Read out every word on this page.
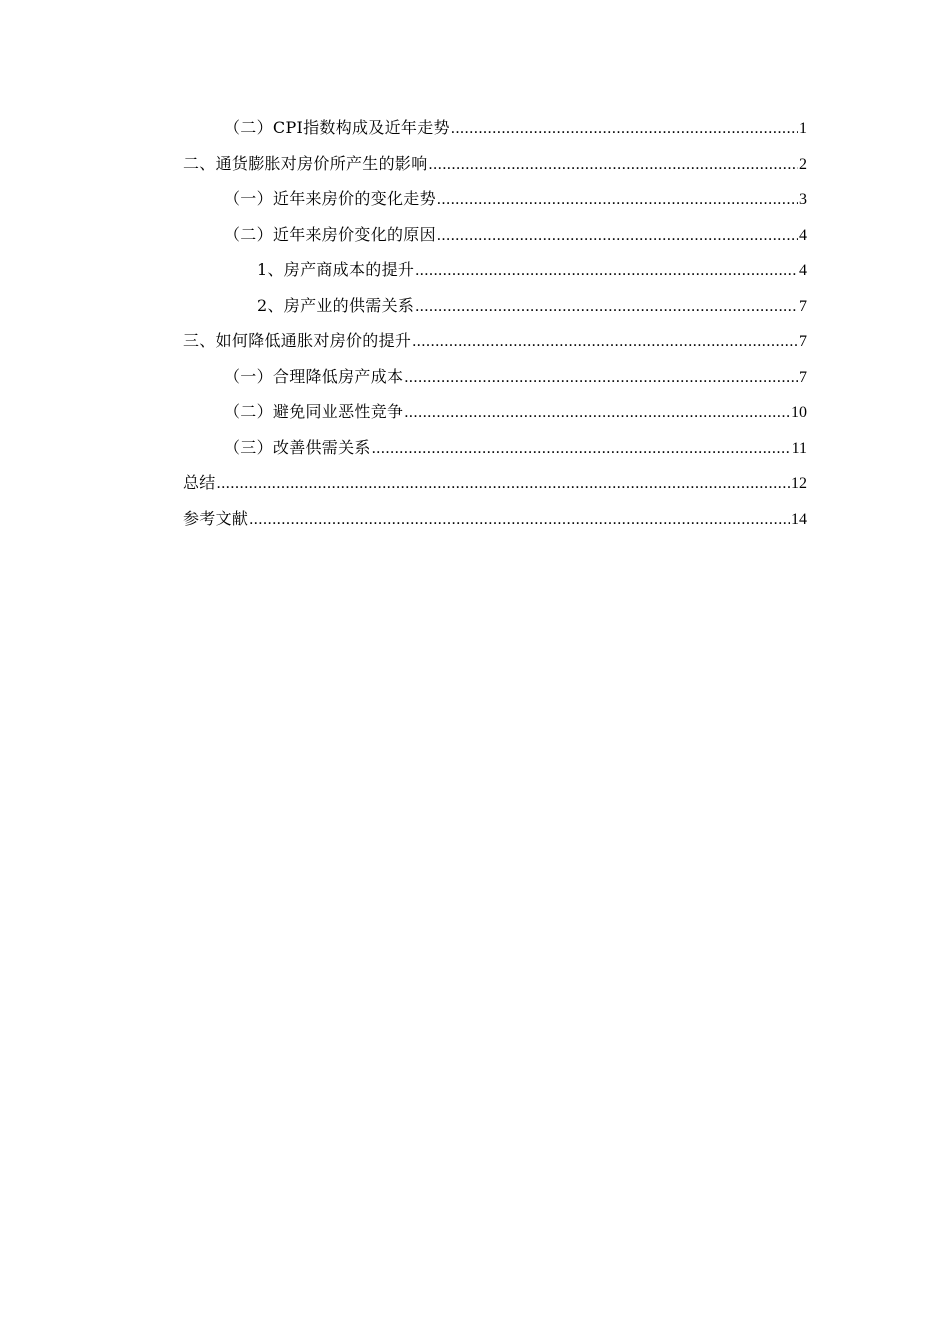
（二）CPI指数构成及近年走势 .....	1
二、通货膨胀对房价所产生的影响 .....	2
（一）近年来房价的变化走势 .....	3
（二）近年来房价变化的原因 .....	4
1、房产商成本的提升 .....	4
2、房产业的供需关系 .....	7
三、如何降低通胀对房价的提升 .....	7
（一）合理降低房产成本 .....	7
（二）避免同业恶性竞争 .....	10
（三）改善供需关系 .....	11
总结 .....	12
参考文献 .....	14
